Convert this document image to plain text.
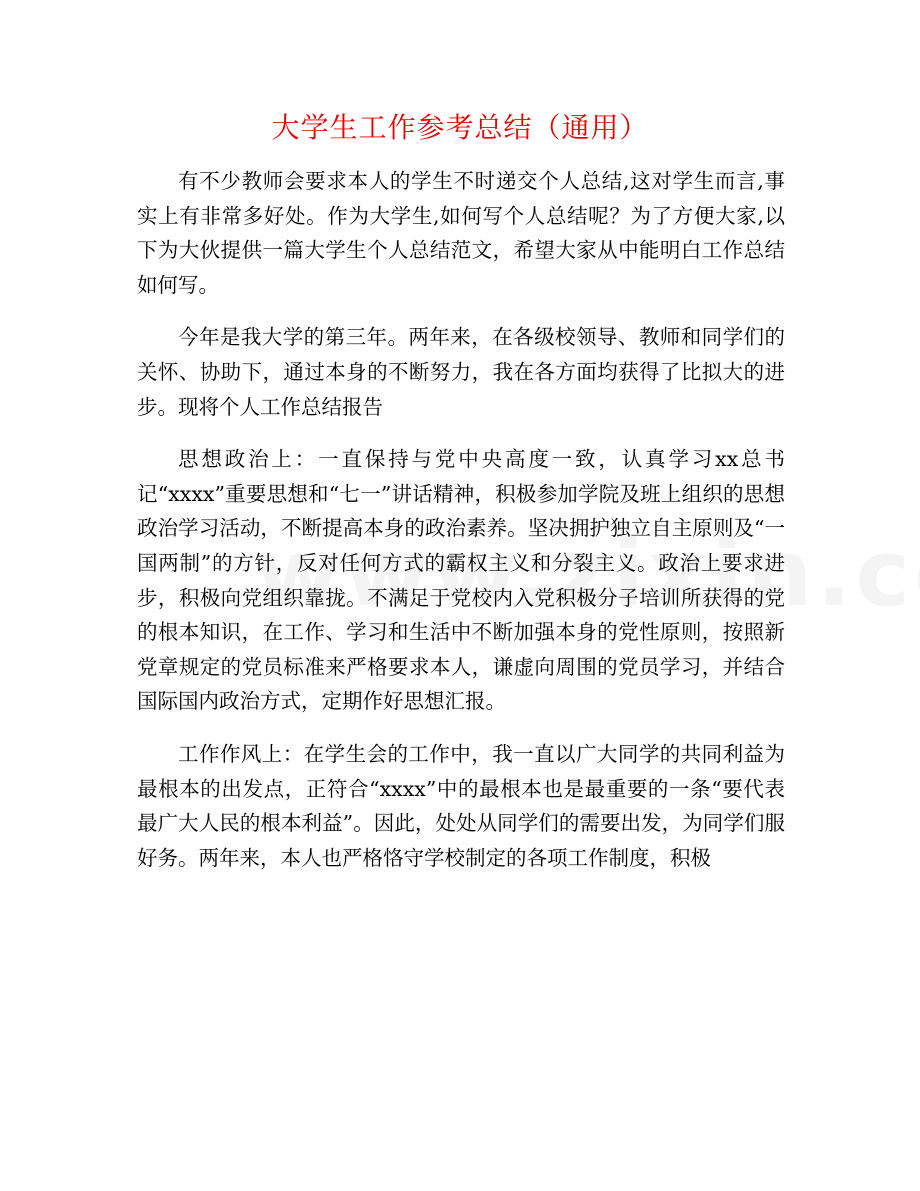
大学生工作参考总结（通用）

有不少教师会要求本人的学生不时递交个人总结,这对学生而言,事实上有非常多好处。作为大学生,如何写个人总结呢？为了方便大家,以下为大伙提供一篇大学生个人总结范文，希望大家从中能明白工作总结如何写。

今年是我大学的第三年。两年来，在各级校领导、教师和同学们的关怀、协助下，通过本身的不断努力，我在各方面均获得了比拟大的进步。现将个人工作总结报告

思想政治上：一直保持与党中央高度一致，认真学习xx总书记“xxxx”重要思想和“七一”讲话精神，积极参加学院及班上组织的思想政治学习活动，不断提高本身的政治素养。坚决拥护独立自主原则及“一国两制”的方针，反对任何方式的霸权主义和分裂主义。政治上要求进步，积极向党组织靠拢。不满足于党校内入党积极分子培训所获得的党的根本知识，在工作、学习和生活中不断加强本身的党性原则，按照新党章规定的党员标准来严格要求本人，谦虚向周围的党员学习，并结合国际国内政治方式，定期作好思想汇报。

工作作风上：在学生会的工作中，我一直以广大同学的共同利益为最根本的出发点，正符合“xxxx”中的最根本也是最重要的一条“要代表最广大人民的根本利益”。因此，处处从同学们的需要出发，为同学们服好务。两年来，本人也严格恪守学校制定的各项工作制度，积极
